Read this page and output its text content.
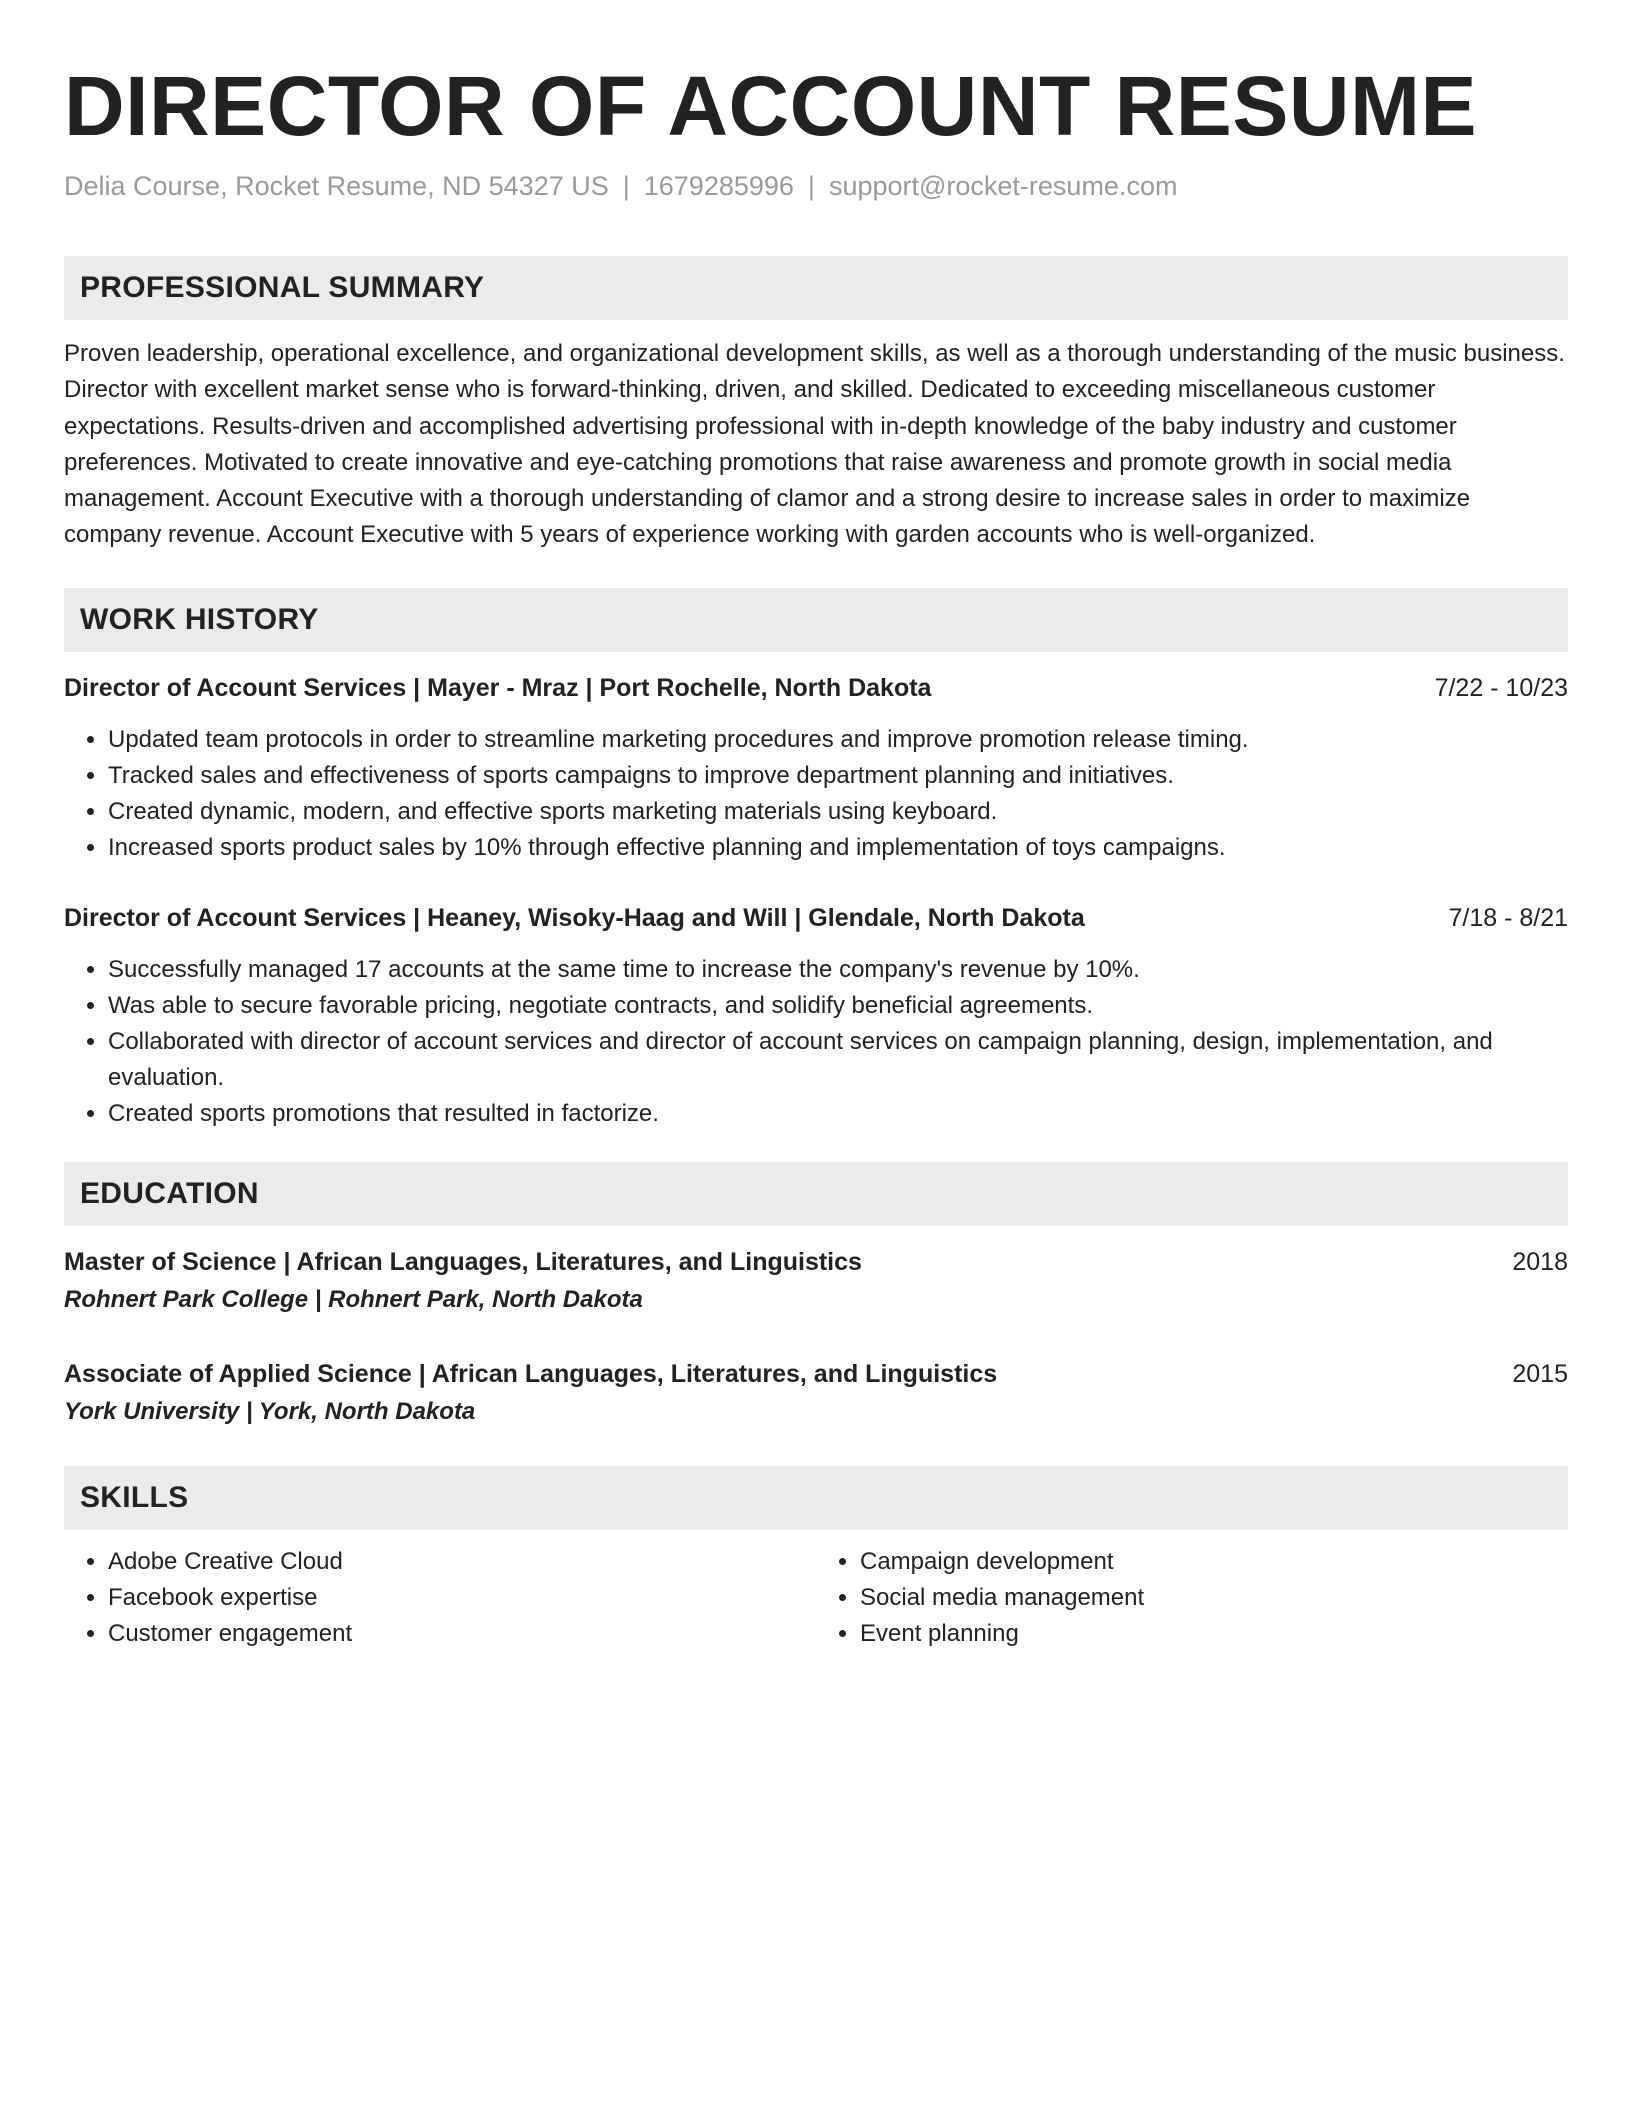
DIRECTOR OF ACCOUNT RESUME
Delia Course, Rocket Resume, ND 54327 US | 1679285996 | support@rocket-resume.com
PROFESSIONAL SUMMARY
Proven leadership, operational excellence, and organizational development skills, as well as a thorough understanding of the music business. Director with excellent market sense who is forward-thinking, driven, and skilled. Dedicated to exceeding miscellaneous customer expectations. Results-driven and accomplished advertising professional with in-depth knowledge of the baby industry and customer preferences. Motivated to create innovative and eye-catching promotions that raise awareness and promote growth in social media management. Account Executive with a thorough understanding of clamor and a strong desire to increase sales in order to maximize company revenue. Account Executive with 5 years of experience working with garden accounts who is well-organized.
WORK HISTORY
Director of Account Services | Mayer - Mraz | Port Rochelle, North Dakota	7/22 - 10/23
• Updated team protocols in order to streamline marketing procedures and improve promotion release timing.
• Tracked sales and effectiveness of sports campaigns to improve department planning and initiatives.
• Created dynamic, modern, and effective sports marketing materials using keyboard.
• Increased sports product sales by 10% through effective planning and implementation of toys campaigns.
Director of Account Services | Heaney, Wisoky-Haag and Will | Glendale, North Dakota	7/18 - 8/21
• Successfully managed 17 accounts at the same time to increase the company's revenue by 10%.
• Was able to secure favorable pricing, negotiate contracts, and solidify beneficial agreements.
• Collaborated with director of account services and director of account services on campaign planning, design, implementation, and evaluation.
• Created sports promotions that resulted in factorize.
EDUCATION
Master of Science | African Languages, Literatures, and Linguistics	2018
Rohnert Park College | Rohnert Park, North Dakota
Associate of Applied Science | African Languages, Literatures, and Linguistics	2015
York University | York, North Dakota
SKILLS
• Adobe Creative Cloud
• Facebook expertise
• Customer engagement
• Campaign development
• Social media management
• Event planning
